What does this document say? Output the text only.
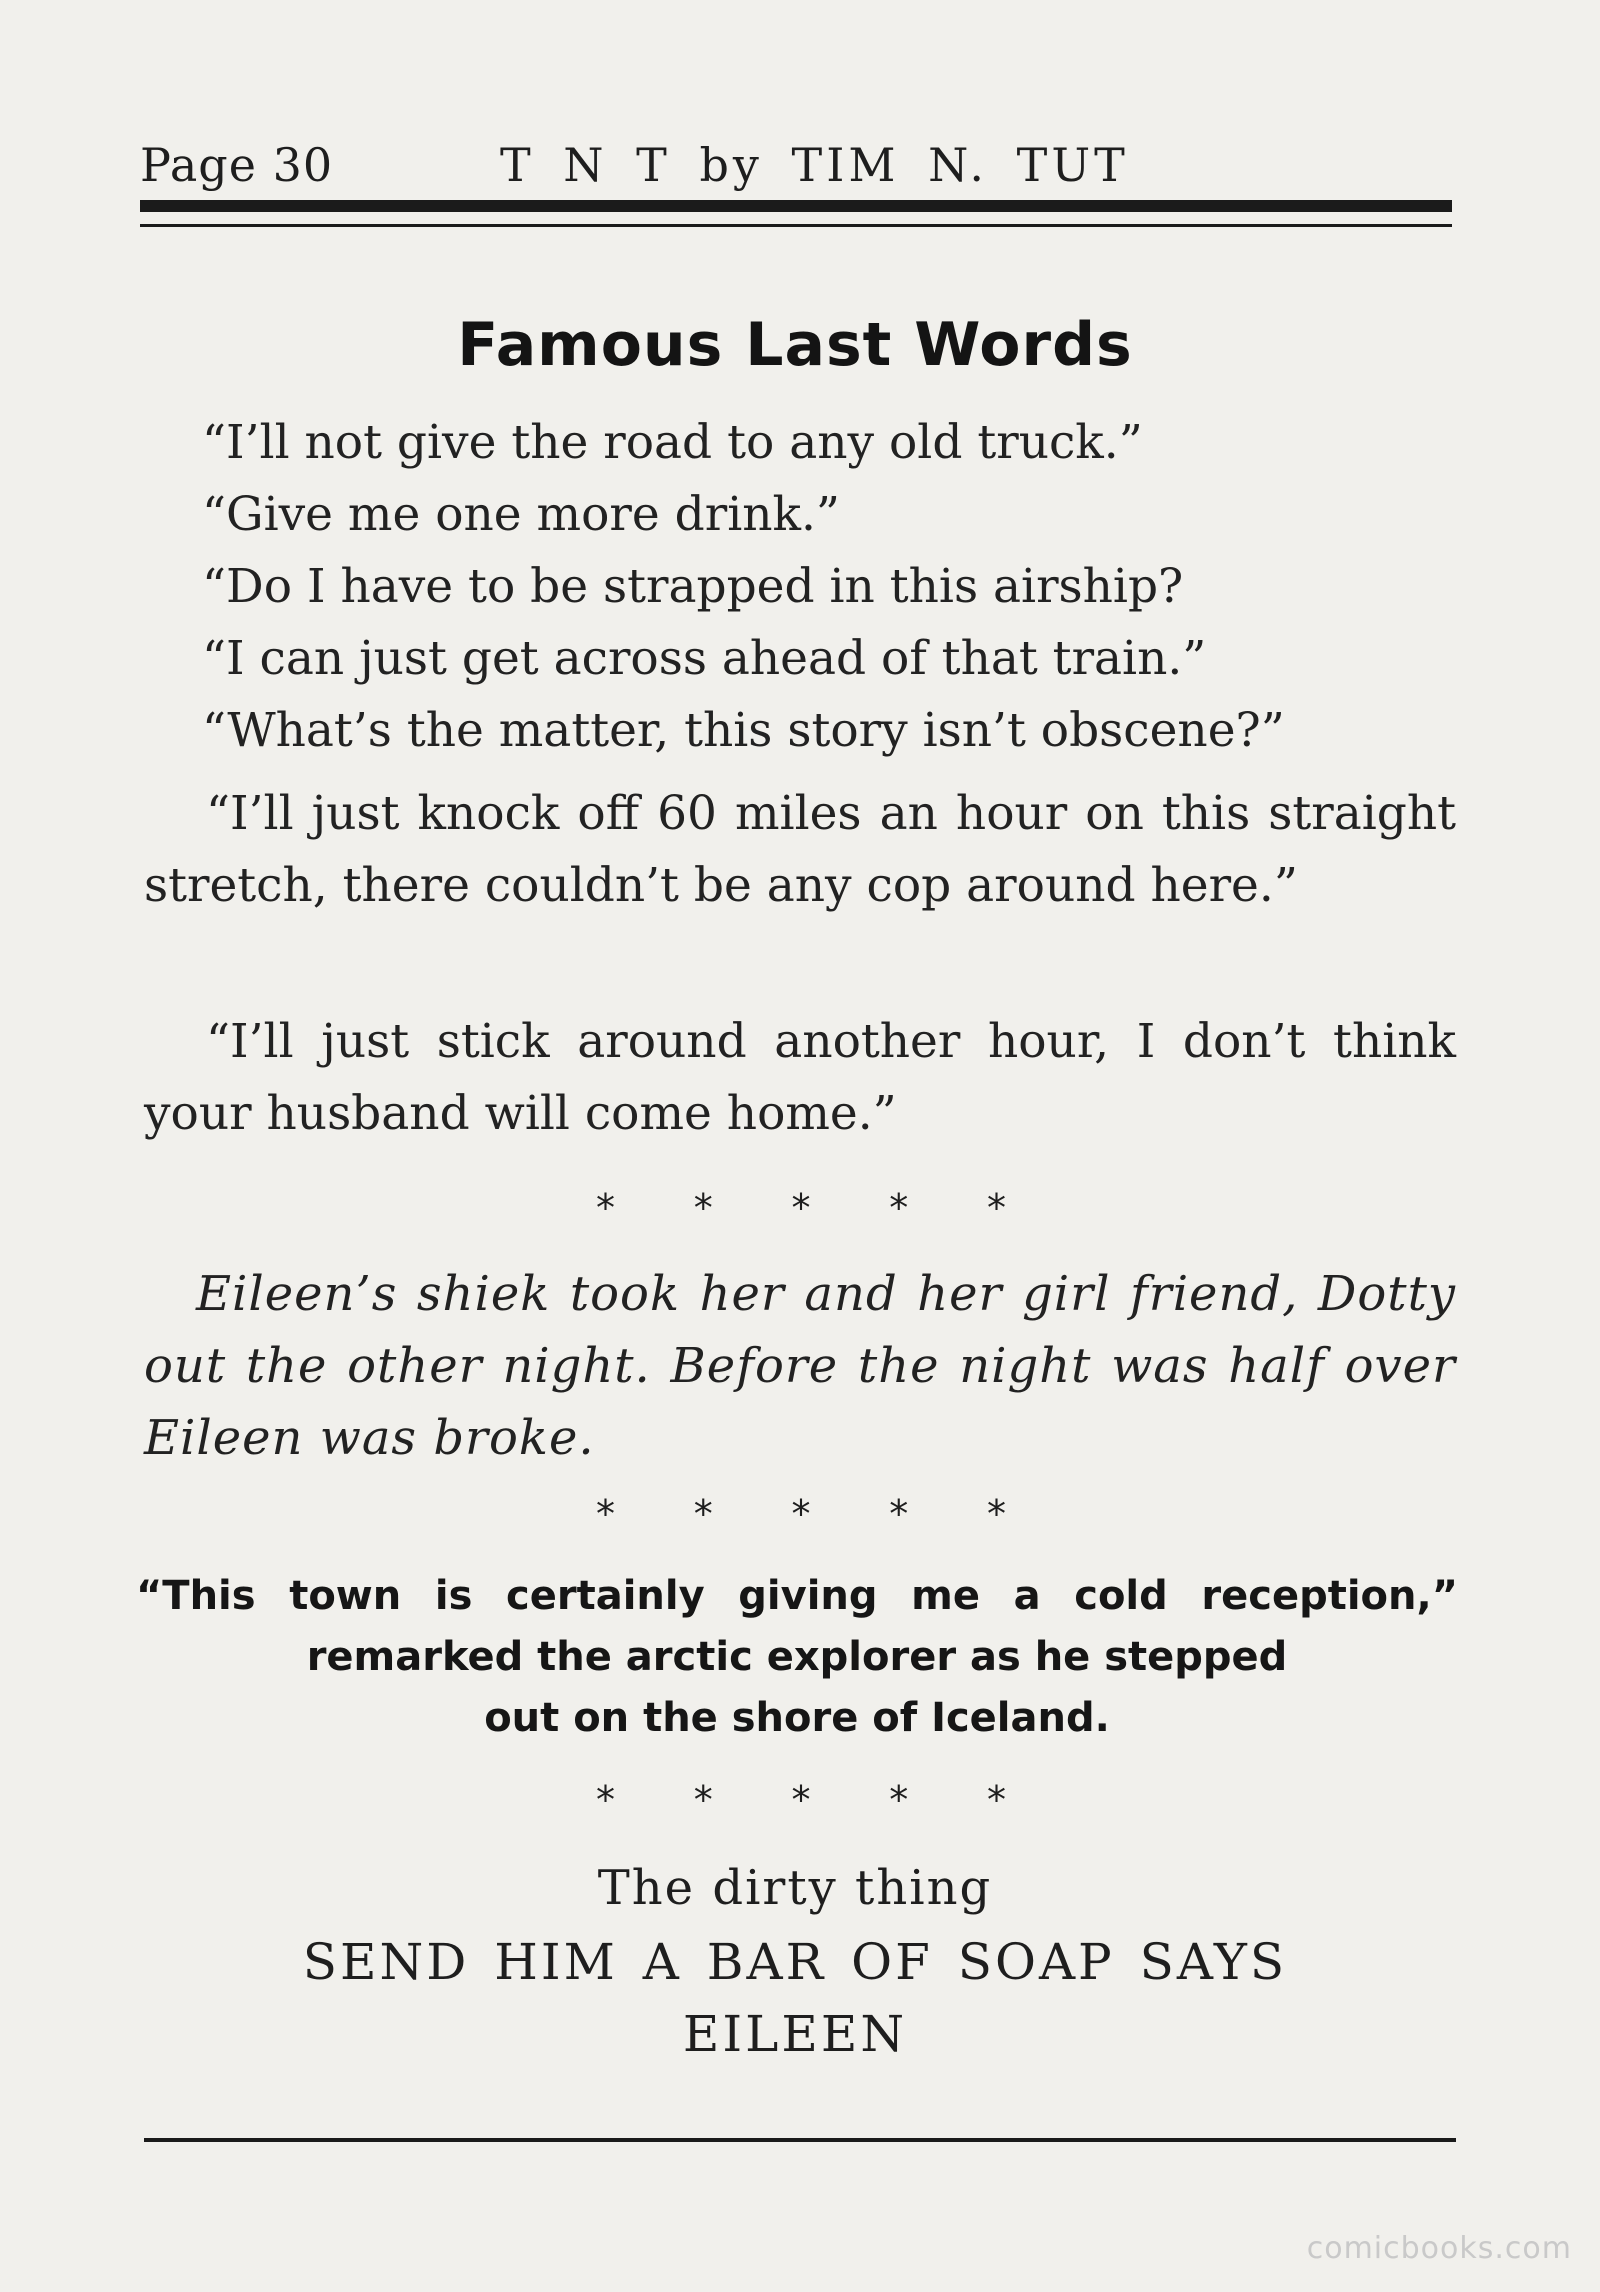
Page 30	T N T by TIM N. TUT
Famous Last Words
“I’ll not give the road to any old truck.”
“Give me one more drink.”
“Do I have to be strapped in this airship?
“I can just get across ahead of that train.”
“What’s the matter, this story isn’t obscene?”
“I’ll just knock off 60 miles an hour on this straight stretch, there couldn’t be any cop around here.”
“I’ll just stick around another hour, I don’t think your husband will come home.”
* * * * *
Eileen’s shiek took her and her girl friend, Dotty out the other night. Before the night was half over Eileen was broke.
* * * * *
“This town is certainly giving me a cold reception,”
remarked the arctic explorer as he stepped
out on the shore of Iceland.
* * * * *
The dirty thing
SEND HIM A BAR OF SOAP SAYS
EILEEN
comicbooks.com
